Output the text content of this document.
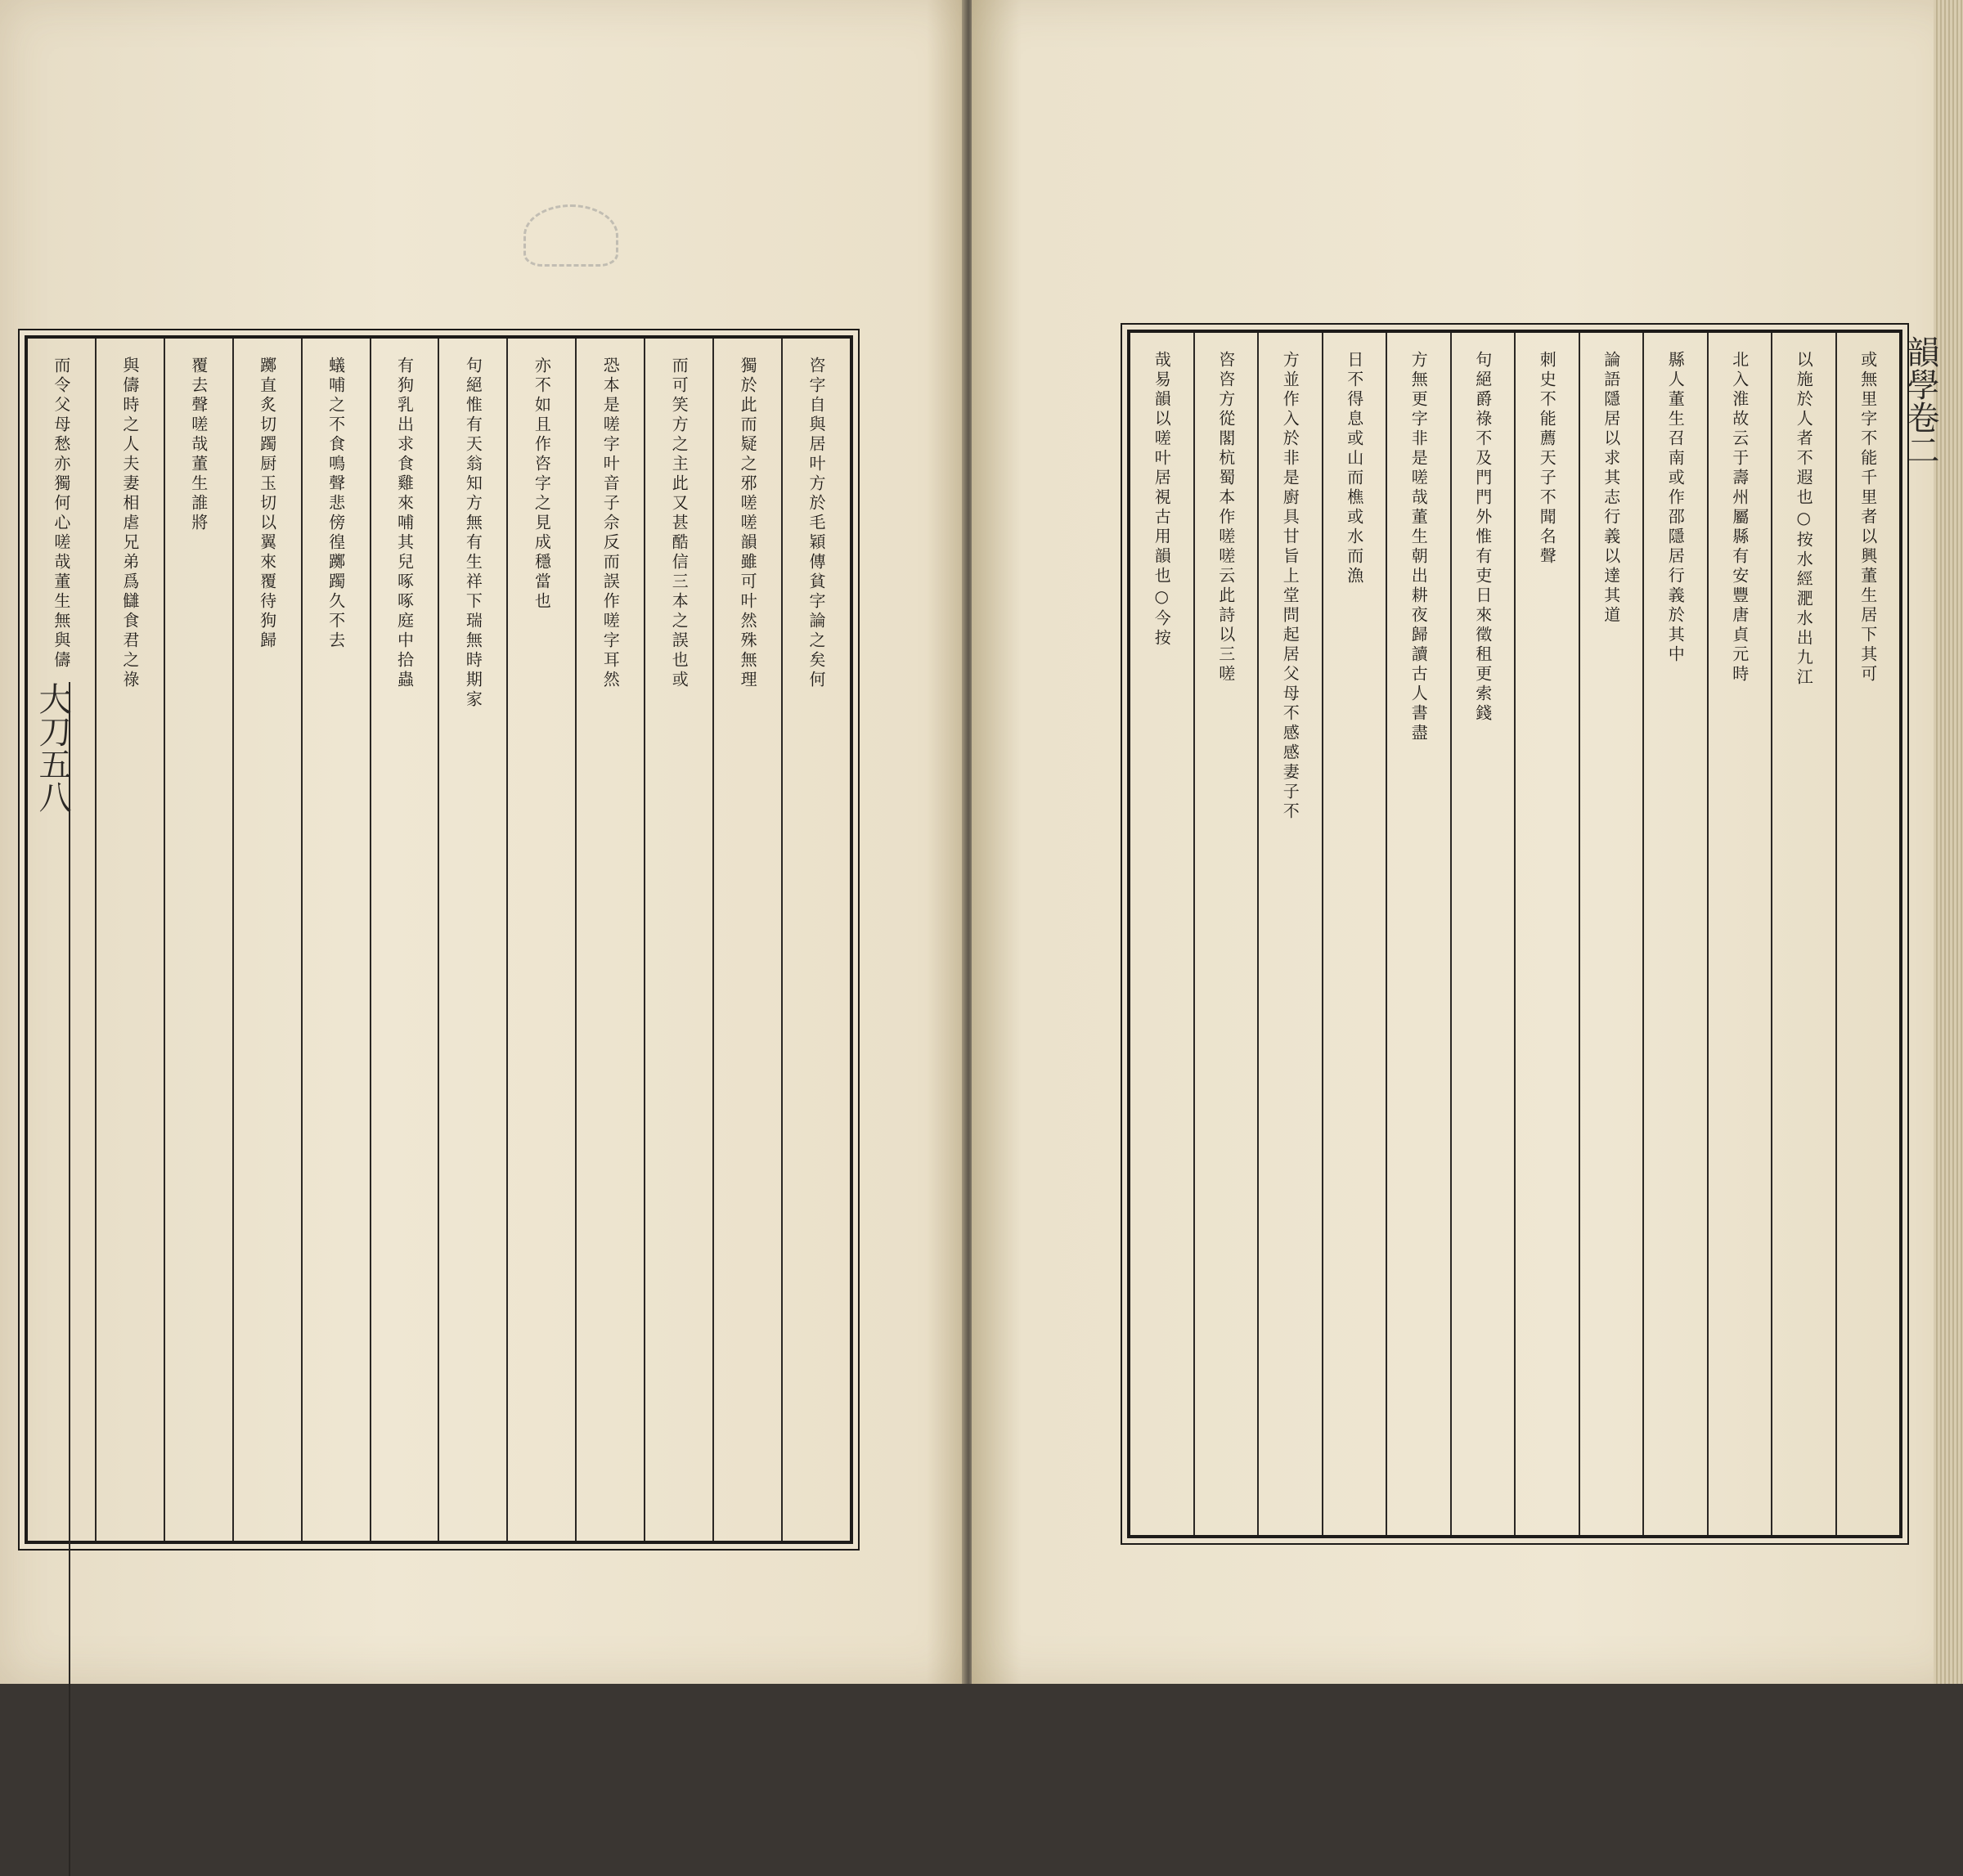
大刀五八
咨字自與居叶方於毛穎傳貧字論之矣何
獨於此而疑之邪嗟嗟韻雖可叶然殊無理
而可笑方之主此又甚酷信三本之誤也或
恐本是嗟字叶音子佘反而誤作嗟字耳然
亦不如且作咨字之見成穩當也
句絕惟有天翁知方無有生祥下瑞無時期家
有狗乳出求食雞來哺其兒啄啄庭中拾蟲
蟻哺之不食鳴聲悲傍徨躑躅久不去
躑直炙切躅厨玉切以翼來覆待狗歸
覆去聲嗟哉董生誰將
與儔時之人夫妻相虐兄弟爲讎食君之祿
而令父母愁亦獨何心嗟哉董生無與儔	或無里字不能千里者以興董生居下其可
以施於人者不遐也○按水經淝水出九江
北入淮故云于壽州屬縣有安豐唐貞元時
縣人董生召南或作邵隱居行義於其中
論語隱居以求其志行義以達其道
刺史不能薦天子不聞名聲
句絕爵祿不及門門外惟有吏日來徵租更索錢
方無更字非是嗟哉董生朝出耕夜歸讀古人書盡
日不得息或山而樵或水而漁
方並作入於非是廚具甘旨上堂問起居父母不感感妻子不
咨咨方從閣杭蜀本作嗟嗟云此詩以三嗟
哉易韻以嗟叶居視古用韻也○今按	韻學卷二
